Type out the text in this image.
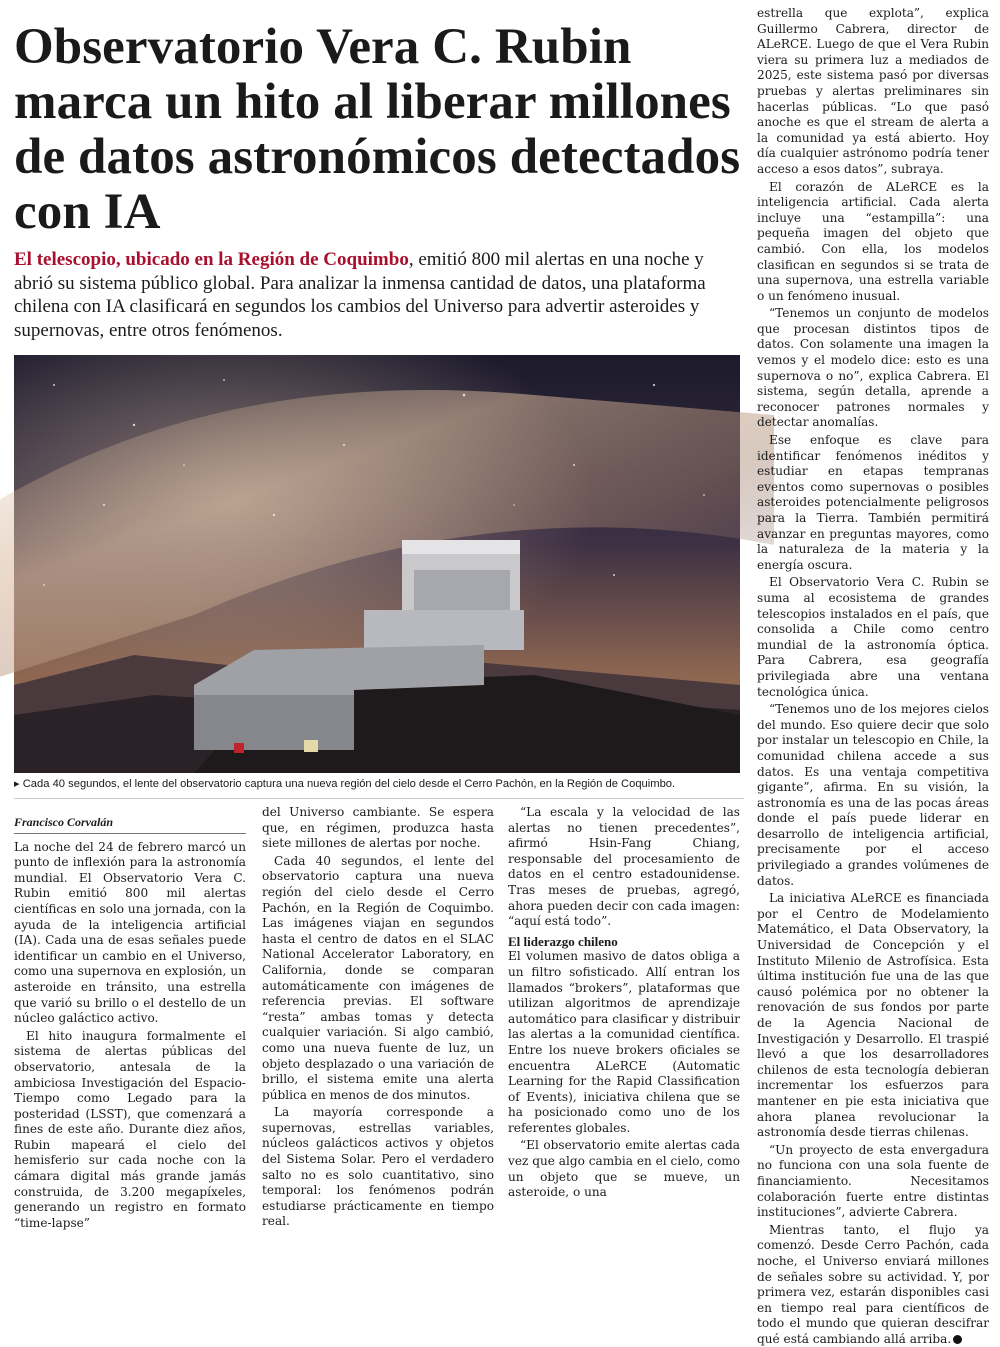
Observatorio Vera C. Rubin marca un hito al liberar millones de datos astronómicos detectados con IA

El telescopio, ubicado en la Región de Coquimbo, emitió 800 mil alertas en una noche y abrió su sistema público global. Para analizar la inmensa cantidad de datos, una plataforma chilena con IA clasificará en segundos los cambios del Universo para advertir asteroides y supernovas, entre otros fenómenos.

▸ Cada 40 segundos, el lente del observatorio captura una nueva región del cielo desde el Cerro Pachón, en la Región de Coquimbo.
Francisco Corvalán

La noche del 24 de febrero marcó un punto de inflexión para la astronomía mundial. El Observatorio Vera C. Rubin emitió 800 mil alertas científicas en solo una jornada, con la ayuda de la inteligencia artificial (IA). Cada una de esas señales puede identificar un cambio en el Universo, como una supernova en explosión, un asteroide en tránsito, una estrella que varió su brillo o el destello de un núcleo galáctico activo.

El hito inaugura formalmente el sistema de alertas públicas del observatorio, antesala de la ambiciosa Investigación del Espacio-Tiempo como Legado para la posteridad (LSST), que comenzará a fines de este año. Durante diez años, Rubin mapeará el cielo del hemisferio sur cada noche con la cámara digital más grande jamás construida, de 3.200 megapíxeles, generando un registro en formato “time-lapse”

del Universo cambiante. Se espera que, en régimen, produzca hasta siete millones de alertas por noche.

Cada 40 segundos, el lente del observatorio captura una nueva región del cielo desde el Cerro Pachón, en la Región de Coquimbo. Las imágenes viajan en segundos hasta el centro de datos en el SLAC National Accelerator Laboratory, en California, donde se comparan automáticamente con imágenes de referencia previas. El software “resta” ambas tomas y detecta cualquier variación. Si algo cambió, como una nueva fuente de luz, un objeto desplazado o una variación de brillo, el sistema emite una alerta pública en menos de dos minutos.

La mayoría corresponde a supernovas, estrellas variables, núcleos galácticos activos y objetos del Sistema Solar. Pero el verdadero salto no es solo cuantitativo, sino temporal: los fenómenos podrán estudiarse prácticamente en tiempo real.

“La escala y la velocidad de las alertas no tienen precedentes”, afirmó Hsin-Fang Chiang, responsable del procesamiento de datos en el centro estadounidense. Tras meses de pruebas, agregó, ahora pueden decir con cada imagen: “aquí está todo”.

El liderazgo chileno

El volumen masivo de datos obliga a un filtro sofisticado. Allí entran los llamados “brokers”, plataformas que utilizan algoritmos de aprendizaje automático para clasificar y distribuir las alertas a la comunidad científica. Entre los nueve brokers oficiales se encuentra ALeRCE (Automatic Learning for the Rapid Classification of Events), iniciativa chilena que se ha posicionado como uno de los referentes globales.

“El observatorio emite alertas cada vez que algo cambia en el cielo, como un objeto que se mueve, un asteroide, o una

estrella que explota”, explica Guillermo Cabrera, director de ALeRCE. Luego de que el Vera Rubin viera su primera luz a mediados de 2025, este sistema pasó por diversas pruebas y alertas preliminares sin hacerlas públicas. “Lo que pasó anoche es que el stream de alerta a la comunidad ya está abierto. Hoy día cualquier astrónomo podría tener acceso a esos datos”, subraya.

El corazón de ALeRCE es la inteligencia artificial. Cada alerta incluye una “estampilla”: una pequeña imagen del objeto que cambió. Con ella, los modelos clasifican en segundos si se trata de una supernova, una estrella variable o un fenómeno inusual.

“Tenemos un conjunto de modelos que procesan distintos tipos de datos. Con solamente una imagen la vemos y el modelo dice: esto es una supernova o no”, explica Cabrera. El sistema, según detalla, aprende a reconocer patrones normales y detectar anomalías.

Ese enfoque es clave para identificar fenómenos inéditos y estudiar en etapas tempranas eventos como supernovas o posibles asteroides potencialmente peligrosos para la Tierra. También permitirá avanzar en preguntas mayores, como la naturaleza de la materia y la energía oscura.

El Observatorio Vera C. Rubin se suma al ecosistema de grandes telescopios instalados en el país, que consolida a Chile como centro mundial de la astronomía óptica. Para Cabrera, esa geografía privilegiada abre una ventana tecnológica única.

“Tenemos uno de los mejores cielos del mundo. Eso quiere decir que solo por instalar un telescopio en Chile, la comunidad chilena accede a sus datos. Es una ventaja competitiva gigante”, afirma. En su visión, la astronomía es una de las pocas áreas donde el país puede liderar en desarrollo de inteligencia artificial, precisamente por el acceso privilegiado a grandes volúmenes de datos.

La iniciativa ALeRCE es financiada por el Centro de Modelamiento Matemático, el Data Observatory, la Universidad de Concepción y el Instituto Milenio de Astrofísica. Esta última institución fue una de las que causó polémica por no obtener la renovación de sus fondos por parte de la Agencia Nacional de Investigación y Desarrollo. El traspié llevó a que los desarrolladores chilenos de esta tecnología debieran incrementar los esfuerzos para mantener en pie esta iniciativa que ahora planea revolucionar la astronomía desde tierras chilenas.

“Un proyecto de esta envergadura no funciona con una sola fuente de financiamiento. Necesitamos colaboración fuerte entre distintas instituciones”, advierte Cabrera.

Mientras tanto, el flujo ya comenzó. Desde Cerro Pachón, cada noche, el Universo enviará millones de señales sobre su actividad. Y, por primera vez, estarán disponibles casi en tiempo real para científicos de todo el mundo que quieran descifrar qué está cambiando allá arriba.
